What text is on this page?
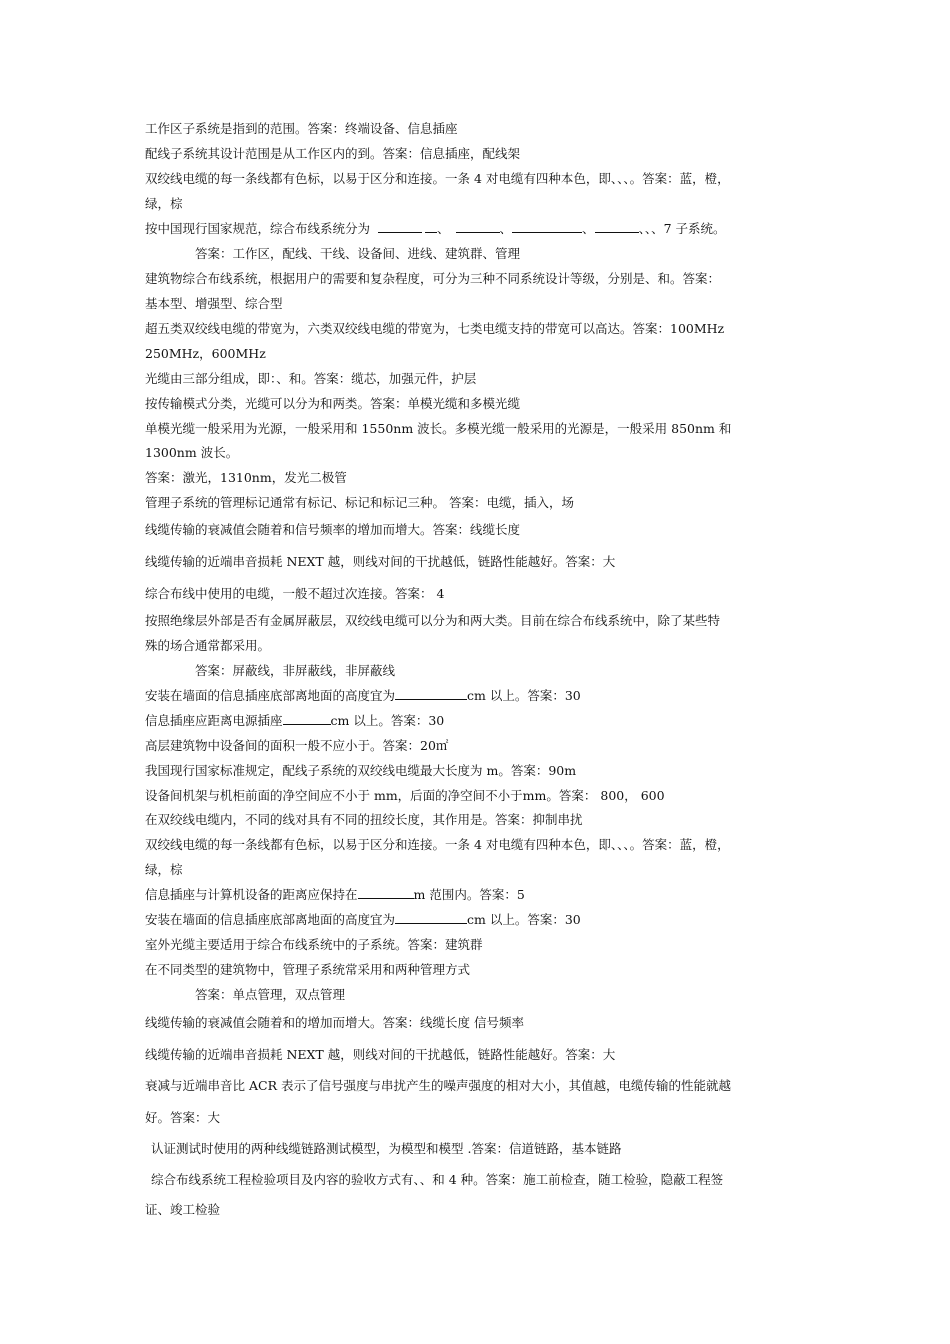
工作区子系统是指到的范围。答案：终端设备、信息插座
配线子系统其设计范围是从工作区内的到。答案：信息插座，配线架
双绞线电缆的每一条线都有色标，以易于区分和连接。一条 4 对电缆有四种本色，即、、、。答案：蓝，橙，
绿，棕
按中国现行国家规范，综合布线系统分为	、	、	、	、、、7 子系统。
答案：工作区，配线、干线、设备间、进线、建筑群、管理
建筑物综合布线系统，根据用户的需要和复杂程度，可分为三种不同系统设计等级，分别是、和。答案：
基本型、增强型、综合型
超五类双绞线电缆的带宽为，六类双绞线电缆的带宽为，七类电缆支持的带宽可以高达。答案：100MHz
250MHz，600MHz
光缆由三部分组成，即：、和。答案：缆芯，加强元件，护层
按传输模式分类，光缆可以分为和两类。答案：单模光缆和多模光缆
单模光缆一般采用为光源，一般采用和 1550nm 波长。多模光缆一般采用的光源是，一般采用 850nm 和
1300nm 波长。
答案：激光，1310nm，发光二极管
管理子系统的管理标记通常有标记、标记和标记三种。 答案：电缆，插入，场
线缆传输的衰减值会随着和信号频率的增加而增大。答案：线缆长度
线缆传输的近端串音损耗 NEXT 越，则线对间的干扰越低，链路性能越好。答案：大
综合布线中使用的电缆，一般不超过次连接。答案： 4
按照绝缘层外部是否有金属屏蔽层，双绞线电缆可以分为和两大类。目前在综合布线系统中，除了某些特
殊的场合通常都采用。
答案：屏蔽线，非屏蔽线，非屏蔽线
安装在墙面的信息插座底部离地面的高度宜为	cm 以上。答案：30
信息插座应距离电源插座	cm 以上。答案：30
高层建筑物中设备间的面积一般不应小于。答案：20㎡
我国现行国家标准规定，配线子系统的双绞线电缆最大长度为 m。答案：90m
设备间机架与机柜前面的净空间应不小于 mm，后面的净空间不小于mm。答案： 800， 600
在双绞线电缆内，不同的线对具有不同的扭绞长度，其作用是。答案：抑制串扰
双绞线电缆的每一条线都有色标，以易于区分和连接。一条 4 对电缆有四种本色，即、、、。答案：蓝，橙，
绿，棕
信息插座与计算机设备的距离应保持在	m 范围内。答案：5
安装在墙面的信息插座底部离地面的高度宜为	cm 以上。答案：30
室外光缆主要适用于综合布线系统中的子系统。答案：建筑群
在不同类型的建筑物中，管理子系统常采用和两种管理方式
答案：单点管理，双点管理
线缆传输的衰减值会随着和的增加而增大。答案：线缆长度 信号频率
线缆传输的近端串音损耗 NEXT 越，则线对间的干扰越低，链路性能越好。答案：大
衰减与近端串音比 ACR 表示了信号强度与串扰产生的噪声强度的相对大小，其值越，电缆传输的性能就越
好。答案：大
认证测试时使用的两种线缆链路测试模型，为模型和模型 .答案：信道链路，基本链路
综合布线系统工程检验项目及内容的验收方式有、、和 4 种。答案：施工前检查，随工检验，隐蔽工程签
证、竣工检验
